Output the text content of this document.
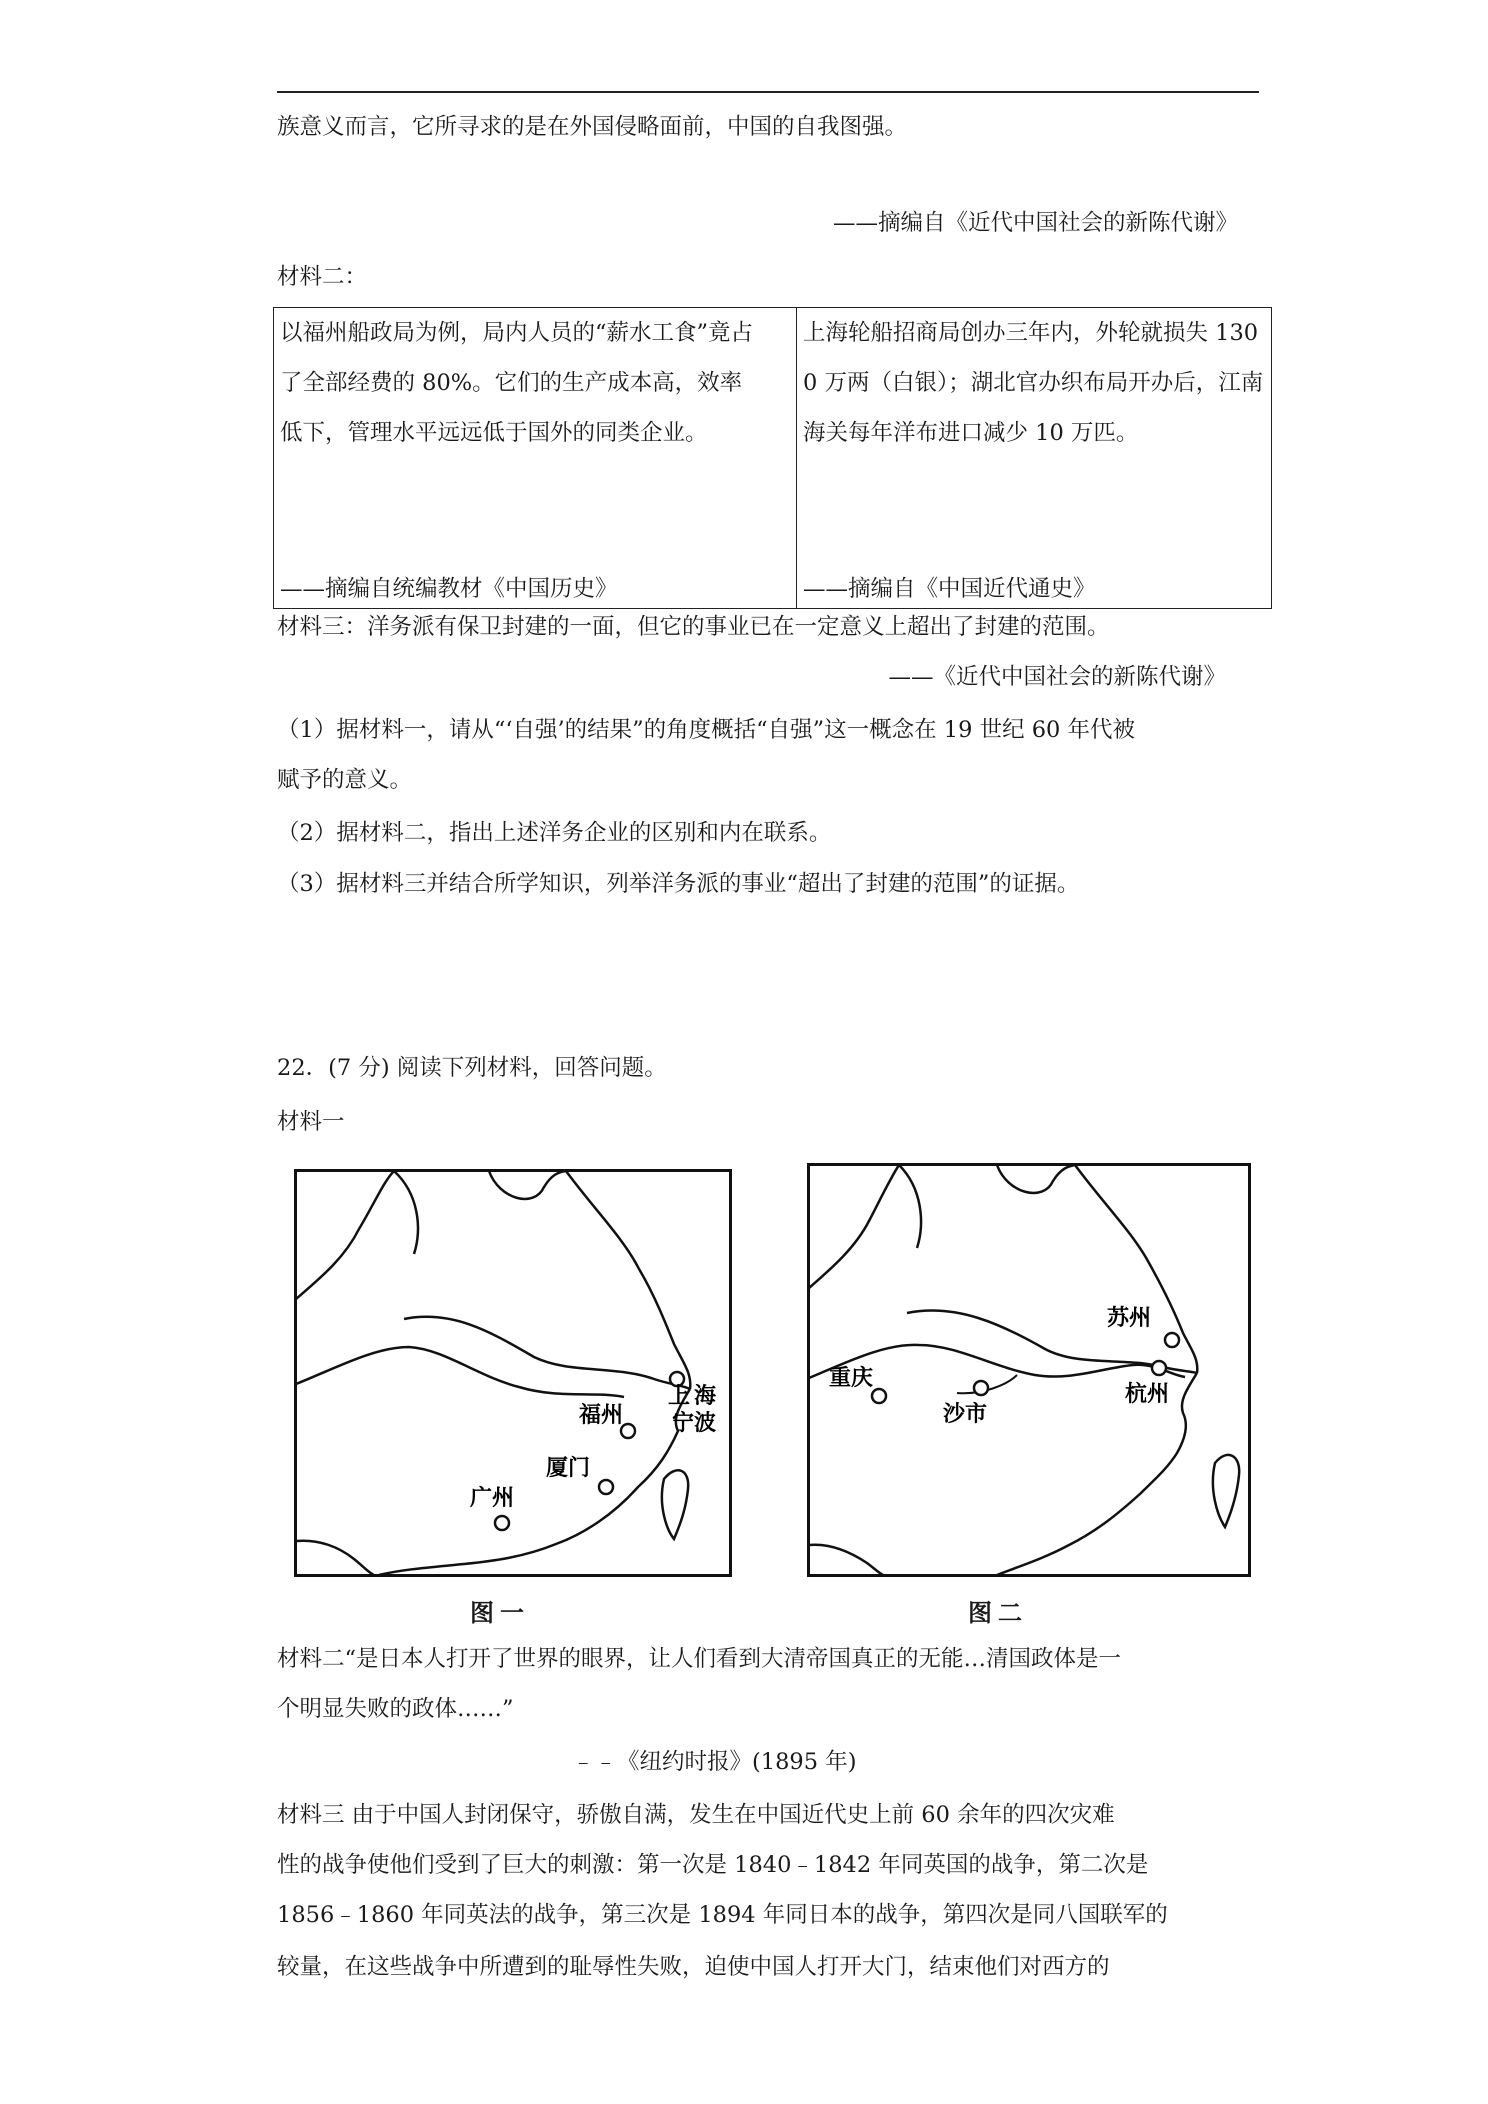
族意义而言，它所寻求的是在外国侵略面前，中国的自我图强。
——摘编自《近代中国社会的新陈代谢》
材料二：
以福州船政局为例，局内人员的“薪水工食”竟占了全部经费的 80%。它们的生产成本高，效率低下，管理水平远远低于国外的同类企业。
——摘编自统编教材《中国历史》

上海轮船招商局创办三年内，外轮就损失 1300 万两（白银）；湖北官办织布局开办后，江南海关每年洋布进口减少 10 万匹。
——摘编自《中国近代通史》
材料三：洋务派有保卫封建的一面，但它的事业已在一定意义上超出了封建的范围。
——《近代中国社会的新陈代谢》
（1）据材料一，请从“‘自强’的结果”的角度概括“自强”这一概念在 19 世纪 60 年代被
赋予的意义。
（2）据材料二，指出上述洋务企业的区别和内在联系。
（3）据材料三并结合所学知识，列举洋务派的事业“超出了封建的范围”的证据。
22．(7 分) 阅读下列材料，回答问题。
材料一
上 海
宁波
福州
厦门
广州
图一
重庆
沙市
苏州
杭州
图二
材料二“是日本人打开了世界的眼界，让人们看到大清帝国真正的无能…清国政体是一
个明显失败的政体……”
﹣﹣《纽约时报》(1895 年)
材料三 由于中国人封闭保守，骄傲自满，发生在中国近代史上前 60 余年的四次灾难
性的战争使他们受到了巨大的刺激：第一次是 1840﹣1842 年同英国的战争，第二次是
1856﹣1860 年同英法的战争，第三次是 1894 年同日本的战争，第四次是同八国联军的
较量，在这些战争中所遭到的耻辱性失败，迫使中国人打开大门，结束他们对西方的
